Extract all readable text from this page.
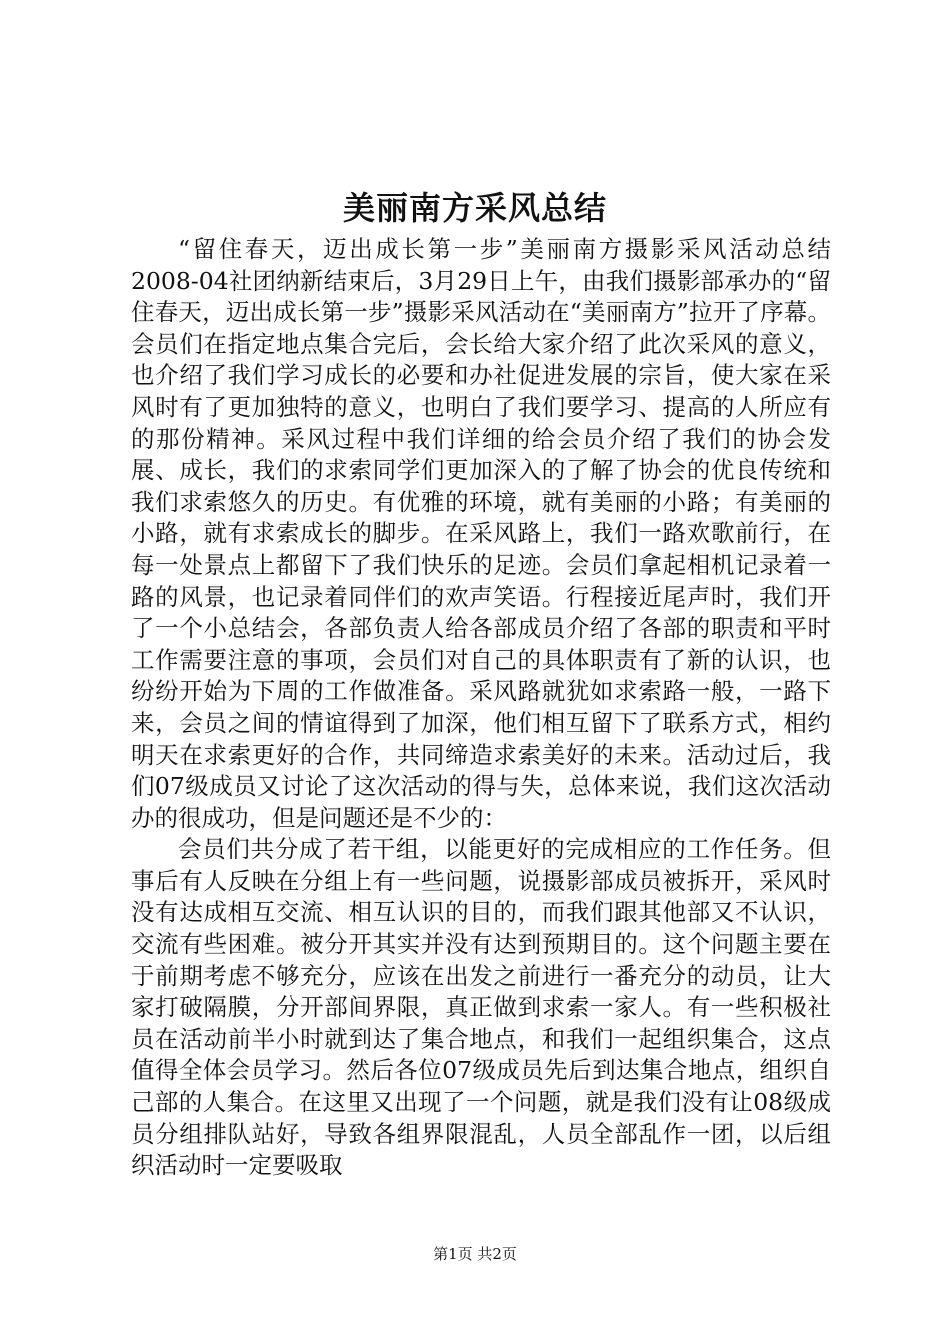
美丽南方采风总结

“留住春天，迈出成长第一步”美丽南方摄影采风活动总结2008-04社团纳新结束后，3月29日上午，由我们摄影部承办的“留住春天，迈出成长第一步”摄影采风活动在“美丽南方”拉开了序幕。会员们在指定地点集合完后，会长给大家介绍了此次采风的意义，也介绍了我们学习成长的必要和办社促进发展的宗旨，使大家在采风时有了更加独特的意义，也明白了我们要学习、提高的人所应有的那份精神。采风过程中我们详细的给会员介绍了我们的协会发展、成长，我们的求索同学们更加深入的了解了协会的优良传统和我们求索悠久的历史。有优雅的环境，就有美丽的小路；有美丽的小路，就有求索成长的脚步。在采风路上，我们一路欢歌前行，在每一处景点上都留下了我们快乐的足迹。会员们拿起相机记录着一路的风景，也记录着同伴们的欢声笑语。行程接近尾声时，我们开了一个小总结会，各部负责人给各部成员介绍了各部的职责和平时工作需要注意的事项，会员们对自己的具体职责有了新的认识，也纷纷开始为下周的工作做准备。采风路就犹如求索路一般，一路下来，会员之间的情谊得到了加深，他们相互留下了联系方式，相约明天在求索更好的合作，共同缔造求索美好的未来。活动过后，我们07级成员又讨论了这次活动的得与失，总体来说，我们这次活动办的很成功，但是问题还是不少的：

会员们共分成了若干组，以能更好的完成相应的工作任务。但事后有人反映在分组上有一些问题，说摄影部成员被拆开，采风时没有达成相互交流、相互认识的目的，而我们跟其他部又不认识，交流有些困难。被分开其实并没有达到预期目的。这个问题主要在于前期考虑不够充分，应该在出发之前进行一番充分的动员，让大家打破隔膜，分开部间界限，真正做到求索一家人。有一些积极社员在活动前半小时就到达了集合地点，和我们一起组织集合，这点值得全体会员学习。然后各位07级成员先后到达集合地点，组织自己部的人集合。在这里又出现了一个问题，就是我们没有让08级成员分组排队站好，导致各组界限混乱，人员全部乱作一团，以后组织活动时一定要吸取

第1页 共2页
